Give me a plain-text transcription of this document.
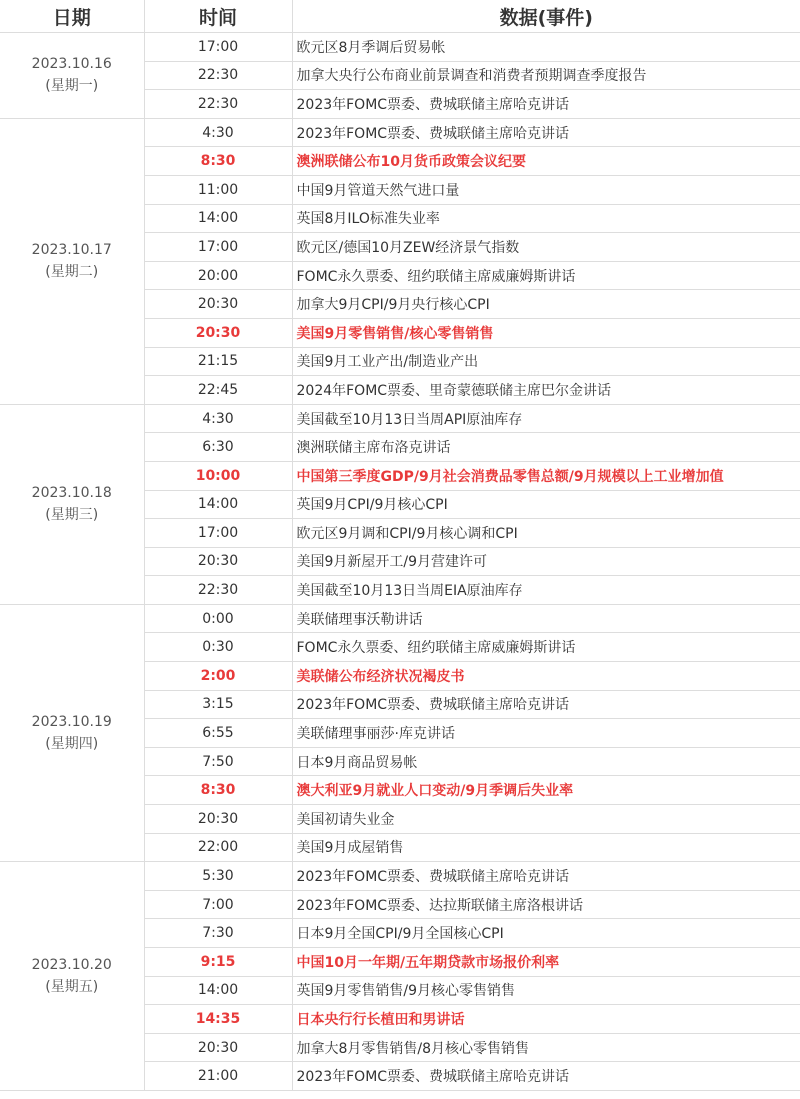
日期	时间	数据(事件)

2023.10.16
(星期一)	17:00	欧元区8月季调后贸易帐
	22:30	加拿大央行公布商业前景调查和消费者预期调查季度报告
	22:30	2023年FOMC票委、费城联储主席哈克讲话

2023.10.17
(星期二)	4:30	2023年FOMC票委、费城联储主席哈克讲话
	8:30	澳洲联储公布10月货币政策会议纪要
	11:00	中国9月管道天然气进口量
	14:00	英国8月ILO标准失业率
	17:00	欧元区/德国10月ZEW经济景气指数
	20:00	FOMC永久票委、纽约联储主席威廉姆斯讲话
	20:30	加拿大9月CPI/9月央行核心CPI
	20:30	美国9月零售销售/核心零售销售
	21:15	美国9月工业产出/制造业产出
	22:45	2024年FOMC票委、里奇蒙德联储主席巴尔金讲话

2023.10.18
(星期三)	4:30	美国截至10月13日当周API原油库存
	6:30	澳洲联储主席布洛克讲话
	10:00	中国第三季度GDP/9月社会消费品零售总额/9月规模以上工业增加值
	14:00	英国9月CPI/9月核心CPI
	17:00	欧元区9月调和CPI/9月核心调和CPI
	20:30	美国9月新屋开工/9月营建许可
	22:30	美国截至10月13日当周EIA原油库存

2023.10.19
(星期四)	0:00	美联储理事沃勒讲话
	0:30	FOMC永久票委、纽约联储主席威廉姆斯讲话
	2:00	美联储公布经济状况褐皮书
	3:15	2023年FOMC票委、费城联储主席哈克讲话
	6:55	美联储理事丽莎·库克讲话
	7:50	日本9月商品贸易帐
	8:30	澳大利亚9月就业人口变动/9月季调后失业率
	20:30	美国初请失业金
	22:00	美国9月成屋销售

2023.10.20
(星期五)	5:30	2023年FOMC票委、费城联储主席哈克讲话
	7:00	2023年FOMC票委、达拉斯联储主席洛根讲话
	7:30	日本9月全国CPI/9月全国核心CPI
	9:15	中国10月一年期/五年期贷款市场报价利率
	14:00	英国9月零售销售/9月核心零售销售
	14:35	日本央行行长植田和男讲话
	20:30	加拿大8月零售销售/8月核心零售销售
	21:00	2023年FOMC票委、费城联储主席哈克讲话
